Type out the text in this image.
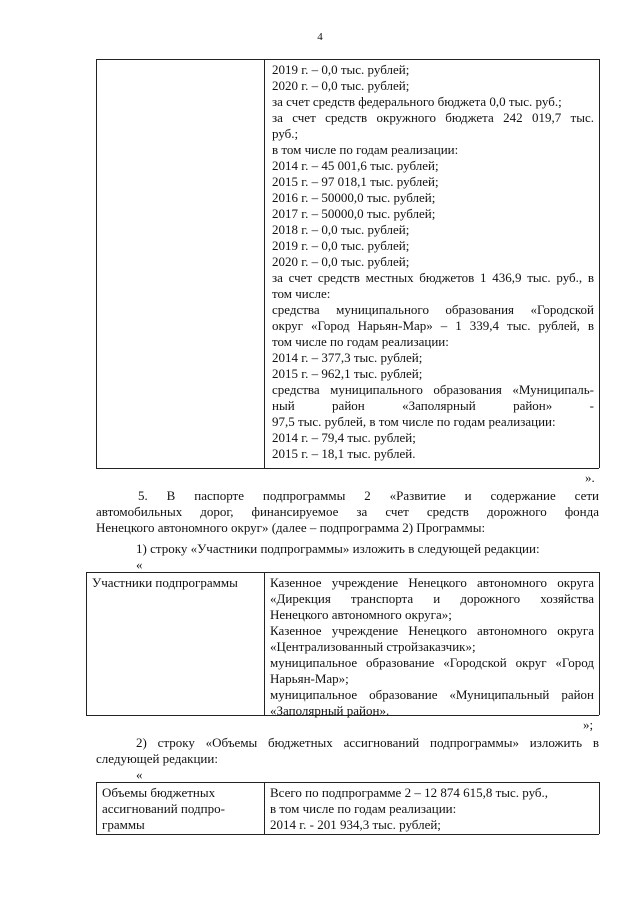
4
2019 г. – 0,0 тыс. рублей;
2020 г. – 0,0 тыс. рублей;
за счет средств федерального бюджета 0,0 тыс. руб.;
за счет средств окружного бюджета 242 019,7 тыс.
руб.;
в том числе по годам реализации:
2014 г. – 45 001,6 тыс. рублей;
2015 г. – 97 018,1 тыс. рублей;
2016 г. – 50000,0 тыс. рублей;
2017 г. – 50000,0 тыс. рублей;
2018 г. – 0,0 тыс. рублей;
2019 г. – 0,0 тыс. рублей;
2020 г. – 0,0 тыс. рублей;
за счет средств местных бюджетов 1 436,9 тыс. руб., в
том числе:
средства муниципального образования «Городской
округ «Город Нарьян-Мар» – 1 339,4 тыс. рублей, в
том числе по годам реализации:
2014 г. – 377,3 тыс. рублей;
2015 г. – 962,1 тыс. рублей;
средства муниципального образования «Муниципаль-
ный район «Заполярный район» -
97,5 тыс. рублей, в том числе по годам реализации:
2014 г. – 79,4 тыс. рублей;
2015 г. – 18,1 тыс. рублей.
».
5. В паспорте подпрограммы 2 «Развитие и содержание сети
автомобильных дорог, финансируемое за счет средств дорожного фонда
Ненецкого автономного округ» (далее – подпрограмма 2) Программы:
1) строку «Участники подпрограммы» изложить в следующей редакции:
«
Участники подпрограммы Казенное учреждение Ненецкого автономного округа
«Дирекция транспорта и дорожного хозяйства
Ненецкого автономного округа»;
Казенное учреждение Ненецкого автономного округа
«Централизованный стройзаказчик»;
муниципальное образование «Городской округ «Город
Нарьян-Мар»;
муниципальное образование «Муниципальный район
«Заполярный район».
»;
2) строку «Объемы бюджетных ассигнований подпрограммы» изложить в
следующей редакции:
«
Объемы бюджетных
ассигнований подпро-
граммы
Всего по подпрограмме 2 – 12 874 615,8 тыс. руб.,
в том числе по годам реализации:
2014 г. - 201 934,3 тыс. рублей;
